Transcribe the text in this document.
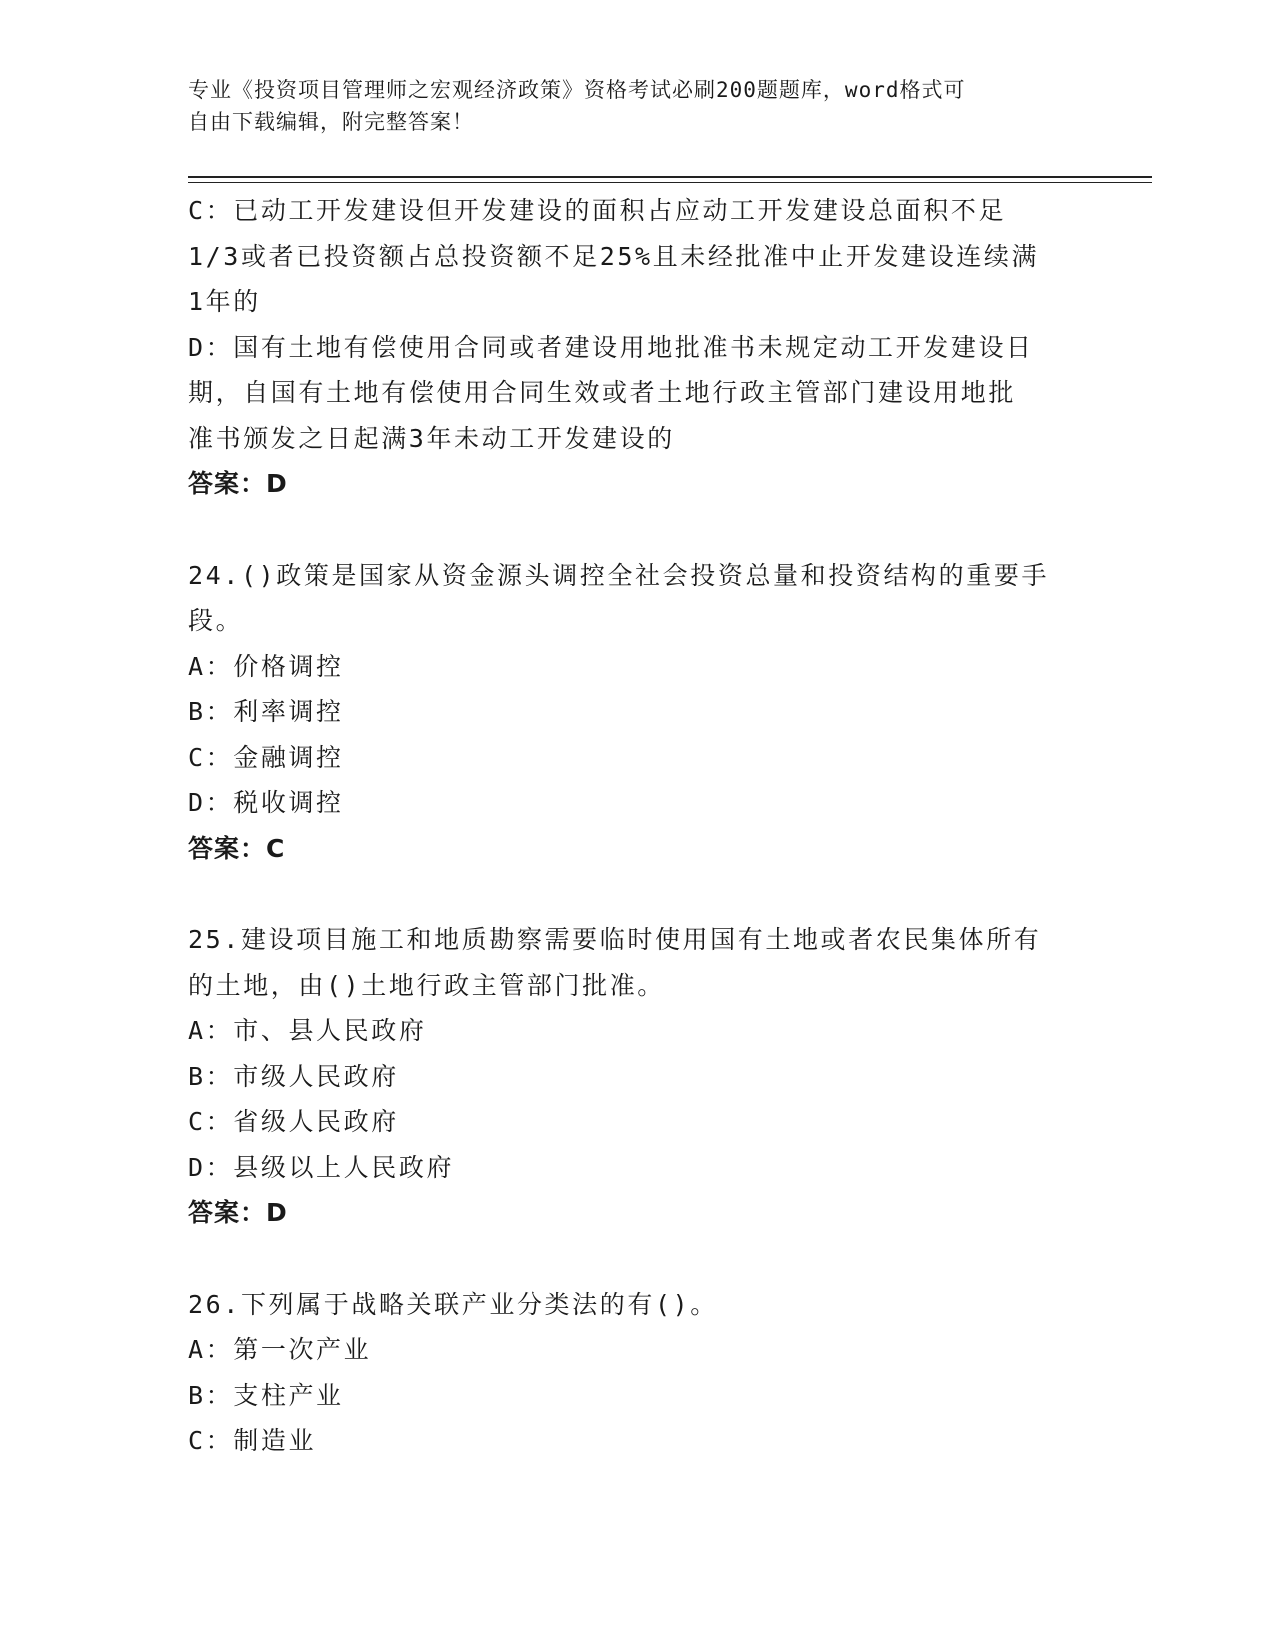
专业《投资项目管理师之宏观经济政策》资格考试必刷200题题库，word格式可
自由下载编辑，附完整答案！
C：已动工开发建设但开发建设的面积占应动工开发建设总面积不足
1/3或者已投资额占总投资额不足25%且未经批准中止开发建设连续满
1年的
D：国有土地有偿使用合同或者建设用地批准书未规定动工开发建设日
期，自国有土地有偿使用合同生效或者土地行政主管部门建设用地批
准书颁发之日起满3年未动工开发建设的
答案：D
24.()政策是国家从资金源头调控全社会投资总量和投资结构的重要手
段。
A：价格调控
B：利率调控
C：金融调控
D：税收调控
答案：C
25.建设项目施工和地质勘察需要临时使用国有土地或者农民集体所有
的土地，由()土地行政主管部门批准。
A：市、县人民政府
B：市级人民政府
C：省级人民政府
D：县级以上人民政府
答案：D
26.下列属于战略关联产业分类法的有()。
A：第一次产业
B：支柱产业
C：制造业
